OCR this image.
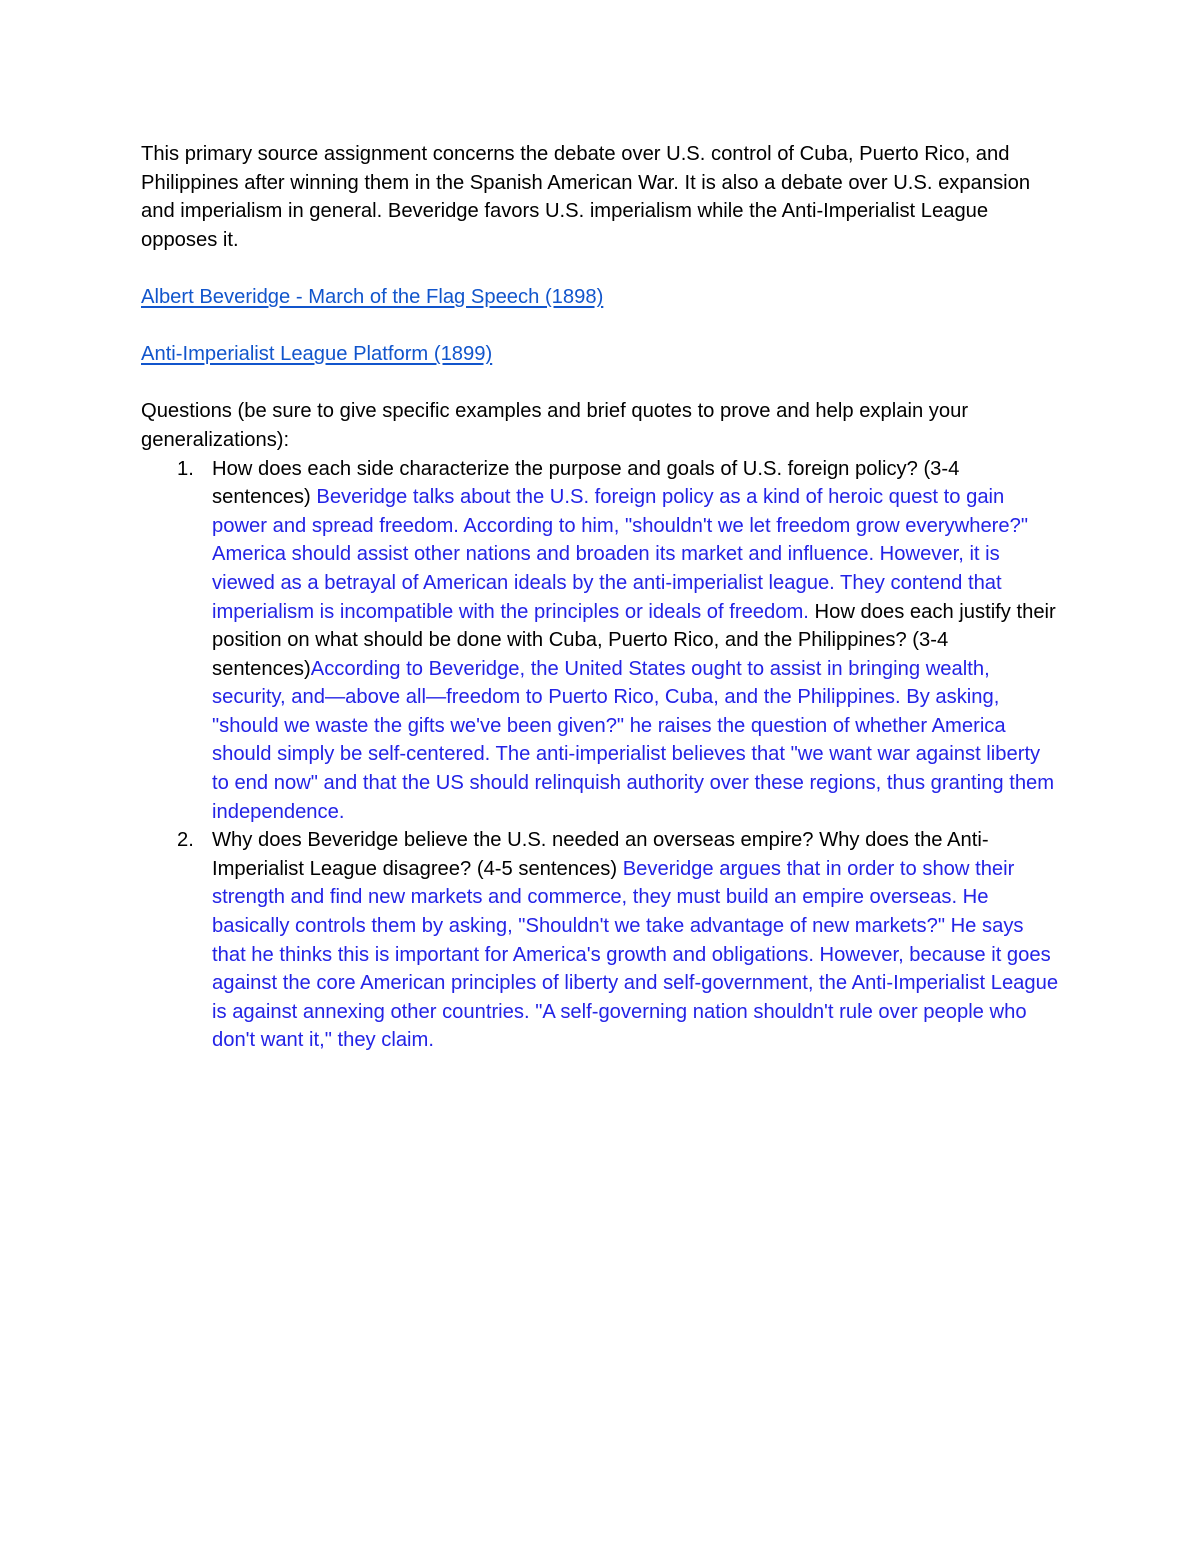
This primary source assignment concerns the debate over U.S. control of Cuba, Puerto Rico, and Philippines after winning them in the Spanish American War. It is also a debate over U.S. expansion and imperialism in general. Beveridge favors U.S. imperialism while the Anti-Imperialist League opposes it.

Albert Beveridge - March of the Flag Speech (1898)

Anti-Imperialist League Platform (1899)

Questions (be sure to give specific examples and brief quotes to prove and help explain your generalizations):

1. How does each side characterize the purpose and goals of U.S. foreign policy? (3-4 sentences) Beveridge talks about the U.S. foreign policy as a kind of heroic quest to gain power and spread freedom. According to him, "shouldn't we let freedom grow everywhere?" America should assist other nations and broaden its market and influence. However, it is viewed as a betrayal of American ideals by the anti-imperialist league. They contend that imperialism is incompatible with the principles or ideals of freedom. How does each justify their position on what should be done with Cuba, Puerto Rico, and the Philippines? (3-4 sentences)According to Beveridge, the United States ought to assist in bringing wealth, security, and—above all—freedom to Puerto Rico, Cuba, and the Philippines. By asking, "should we waste the gifts we've been given?" he raises the question of whether America should simply be self-centered. The anti-imperialist believes that "we want war against liberty to end now" and that the US should relinquish authority over these regions, thus granting them independence.
2. Why does Beveridge believe the U.S. needed an overseas empire? Why does the Anti-Imperialist League disagree? (4-5 sentences) Beveridge argues that in order to show their strength and find new markets and commerce, they must build an empire overseas. He basically controls them by asking, "Shouldn't we take advantage of new markets?" He says that he thinks this is important for America's growth and obligations. However, because it goes against the core American principles of liberty and self-government, the Anti-Imperialist League is against annexing other countries. "A self-governing nation shouldn't rule over people who don't want it," they claim.
